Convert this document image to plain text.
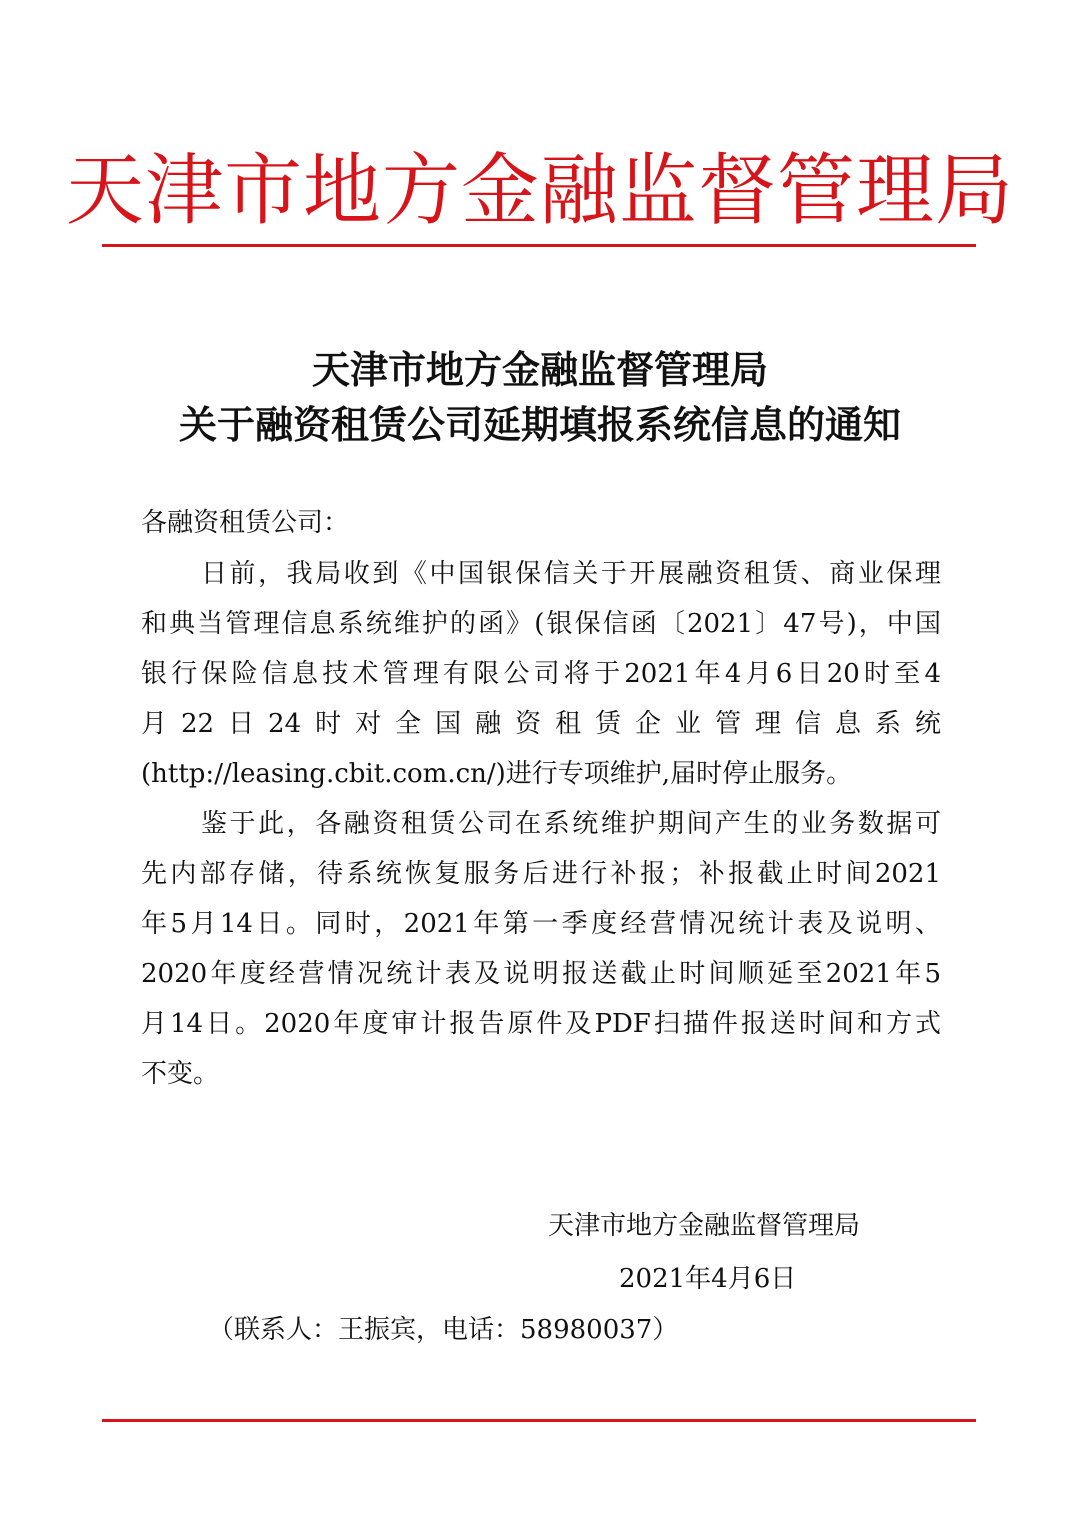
天津市地方金融监督管理局
天津市地方金融监督管理局
关于融资租赁公司延期填报系统信息的通知
各融资租赁公司：
日前，我局收到《中国银保信关于开展融资租赁、商业保理
和典当管理信息系统维护的函》(银保信函〔2021〕47号)，中国
银行保险信息技术管理有限公司将于2021年4月6日20时至4
月22日24时对全国融资租赁企业管理信息系统
(http://leasing.cbit.com.cn/)进行专项维护,届时停止服务。
鉴于此，各融资租赁公司在系统维护期间产生的业务数据可
先内部存储，待系统恢复服务后进行补报；补报截止时间2021
年5月14日。同时，2021年第一季度经营情况统计表及说明、
2020年度经营情况统计表及说明报送截止时间顺延至2021年5
月14日。2020年度审计报告原件及PDF扫描件报送时间和方式
不变。
天津市地方金融监督管理局
2021年4月6日
（联系人：王振宾，电话：58980037）
